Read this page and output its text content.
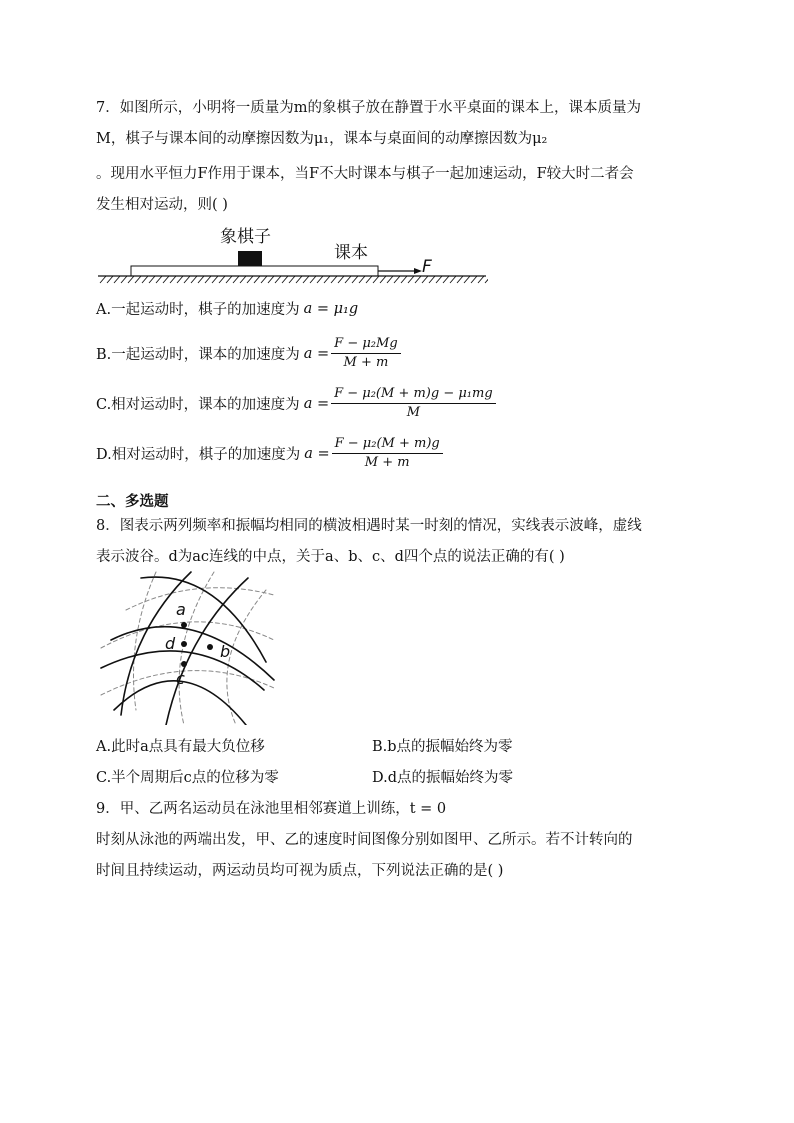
7．如图所示，小明将一质量为m的象棋子放在静置于水平桌面的课本上，课本质量为
M，棋子与课本间的动摩擦因数为μ₁，课本与桌面间的动摩擦因数为μ₂
。现用水平恒力F作用于课本，当F不大时课本与棋子一起加速运动，F较大时二者会
发生相对运动，则( )
象棋子
课本
F
A.一起运动时，棋子的加速度为 a = μ₁g
B.一起运动时，课本的加速度为 $a = \frac{\text{F − μ₂Mg}}{M + m}$
C.相对运动时，课本的加速度为 $a = \frac{\text{F − μ₂(M + m)g − μ₁mg}}{M}$
D.相对运动时，棋子的加速度为 $a = \frac{\text{F − μ₂(M + m)g}}{M + m}$
二、多选题
8．图表示两列频率和振幅均相同的横波相遇时某一时刻的情况，实线表示波峰，虚线
表示波谷。d为ac连线的中点，关于a、b、c、d四个点的说法正确的有( )
a
d
c
b
A.此时a点具有最大负位移	B.b点的振幅始终为零
C.半个周期后c点的位移为零	D.d点的振幅始终为零
9．甲、乙两名运动员在泳池里相邻赛道上训练，t = 0
时刻从泳池的两端出发，甲、乙的速度时间图像分别如图甲、乙所示。若不计转向的
时间且持续运动，两运动员均可视为质点，下列说法正确的是( )
